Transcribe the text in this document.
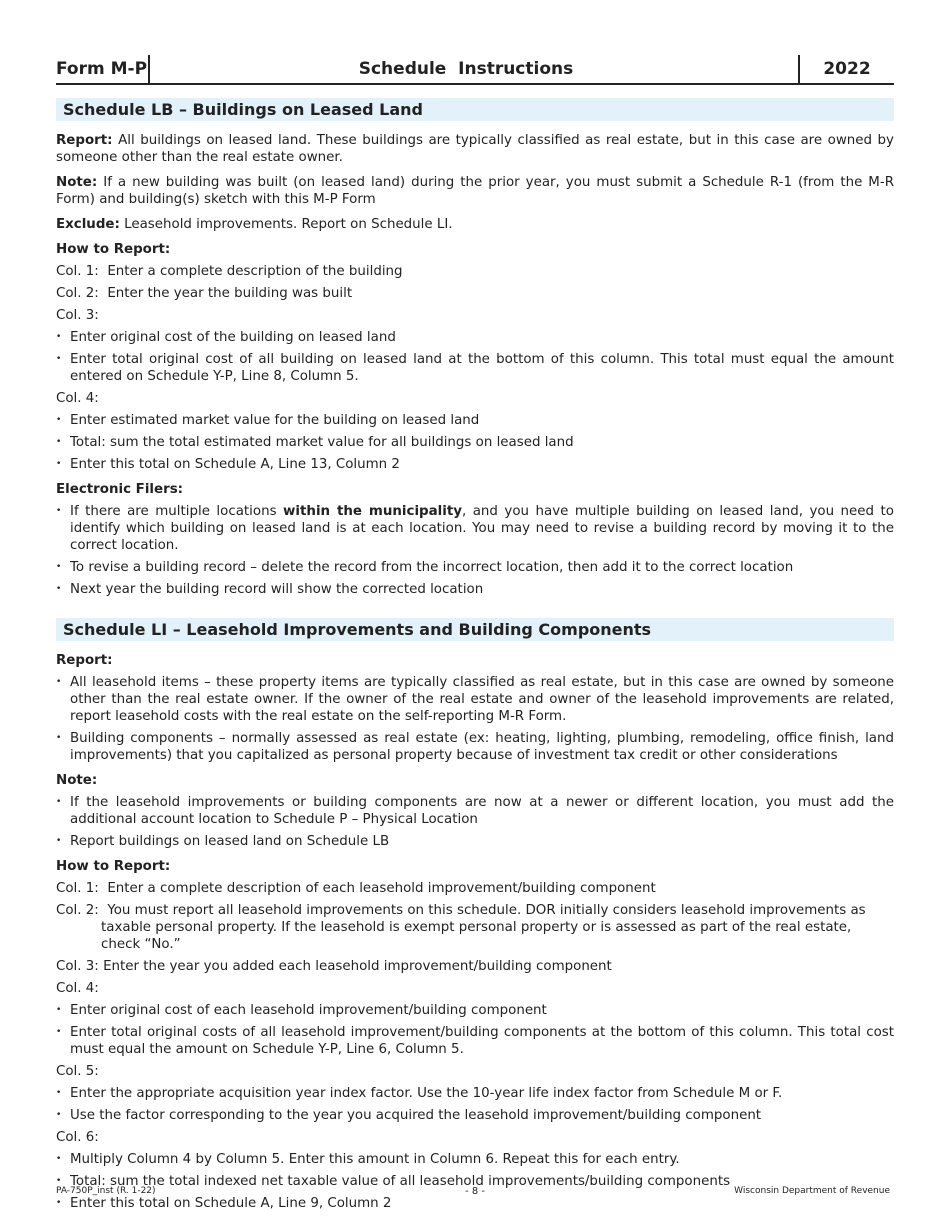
Form M-P	Schedule  Instructions	2022
Schedule LB – Buildings on Leased Land

Report: All buildings on leased land. These buildings are typically classified as real estate, but in this case are owned by someone other than the real estate owner.

Note: If a new building was built (on leased land) during the prior year, you must submit a Schedule R-1 (from the M-R Form) and building(s) sketch with this M-P Form

Exclude: Leasehold improvements. Report on Schedule LI.

How to Report:

Col. 1:  Enter a complete description of the building

Col. 2:  Enter the year the building was built

Col. 3:

• Enter original cost of the building on leased land

• Enter total original cost of all building on leased land at the bottom of this column. This total must equal the amount entered on Schedule Y-P, Line 8, Column 5.

Col. 4:

• Enter estimated market value for the building on leased land

• Total: sum the total estimated market value for all buildings on leased land

• Enter this total on Schedule A, Line 13, Column 2

Electronic Filers:

• If there are multiple locations within the municipality, and you have multiple building on leased land, you need to identify which building on leased land is at each location. You may need to revise a building record by moving it to the correct location.

• To revise a building record – delete the record from the incorrect location, then add it to the correct location

• Next year the building record will show the corrected location

Schedule LI – Leasehold Improvements and Building Components

Report:

• All leasehold items – these property items are typically classified as real estate, but in this case are owned by someone other than the real estate owner. If the owner of the real estate and owner of the leasehold improvements are related, report leasehold costs with the real estate on the self-reporting M-R Form.

• Building components – normally assessed as real estate (ex: heating, lighting, plumbing, remodeling, office finish, land improvements) that you capitalized as personal property because of investment tax credit or other considerations

Note:

• If the leasehold improvements or building components are now at a newer or different location, you must add the additional account location to Schedule P – Physical Location

• Report buildings on leased land on Schedule LB

How to Report:

Col. 1:  Enter a complete description of each leasehold improvement/building component

Col. 2:  You must report all leasehold improvements on this schedule. DOR initially considers leasehold improvements as taxable personal property. If the leasehold is exempt personal property or is assessed as part of the real estate, check “No.”

Col. 3: Enter the year you added each leasehold improvement/building component

Col. 4:

• Enter original cost of each leasehold improvement/building component

• Enter total original costs of all leasehold improvement/building components at the bottom of this column. This total cost must equal the amount on Schedule Y-P, Line 6, Column 5.

Col. 5:

• Enter the appropriate acquisition year index factor. Use the 10-year life index factor from Schedule M or F.

• Use the factor corresponding to the year you acquired the leasehold improvement/building component

Col. 6:

• Multiply Column 4 by Column 5. Enter this amount in Column 6. Repeat this for each entry.

• Total: sum the total indexed net taxable value of all leasehold improvements/building components

• Enter this total on Schedule A, Line 9, Column 2

PA-750P_inst (R. 1-22)	- 8 -	Wisconsin Department of Revenue
